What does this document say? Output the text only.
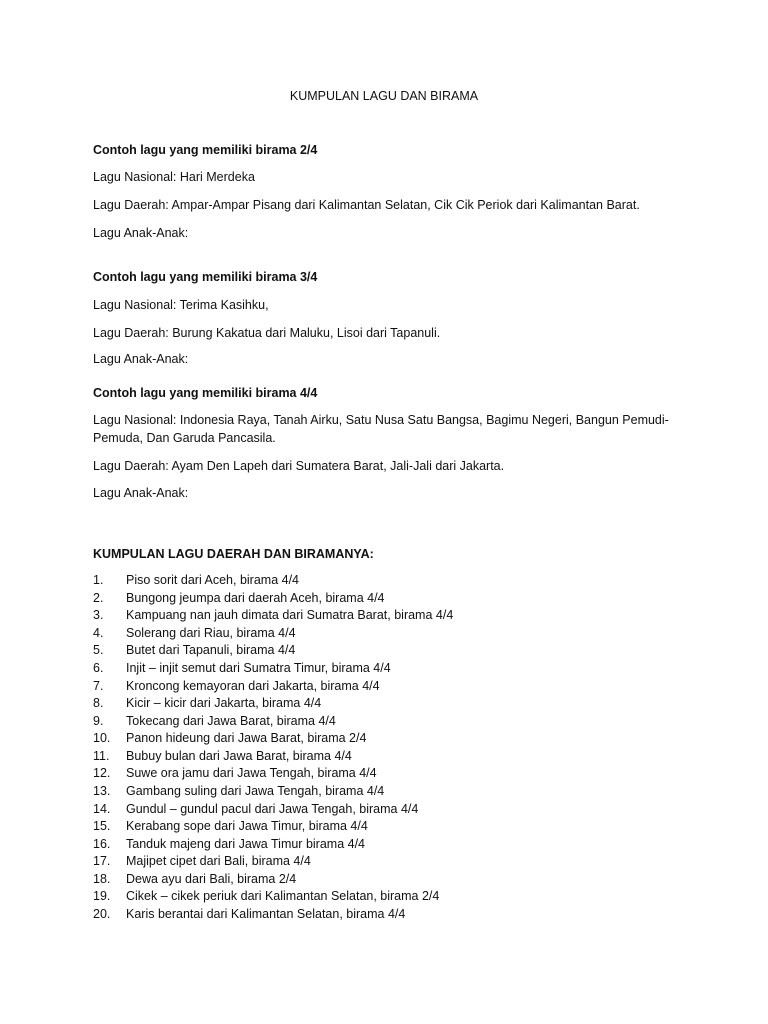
KUMPULAN LAGU DAN BIRAMA
Contoh lagu yang memiliki birama 2/4
Lagu Nasional: Hari Merdeka
Lagu Daerah: Ampar-Ampar Pisang dari Kalimantan Selatan, Cik Cik Periok dari Kalimantan Barat.
Lagu Anak-Anak:
Contoh lagu yang memiliki birama 3/4
Lagu Nasional: Terima Kasihku,
Lagu Daerah: Burung Kakatua dari Maluku, Lisoi dari Tapanuli.
Lagu Anak-Anak:
Contoh lagu yang memiliki birama 4/4
Lagu Nasional: Indonesia Raya, Tanah Airku, Satu Nusa Satu Bangsa, Bagimu Negeri, Bangun Pemudi-Pemuda, Dan Garuda Pancasila.
Lagu Daerah: Ayam Den Lapeh dari Sumatera Barat, Jali-Jali dari Jakarta.
Lagu Anak-Anak:
KUMPULAN LAGU DAERAH DAN BIRAMANYA:
1.	Piso sorit dari Aceh, birama 4/4
2.	Bungong jeumpa dari daerah Aceh, birama 4/4
3.	Kampuang nan jauh dimata dari Sumatra Barat, birama 4/4
4.	Solerang dari Riau, birama 4/4
5.	Butet dari Tapanuli, birama 4/4
6.	Injit – injit semut dari Sumatra Timur, birama 4/4
7.	Kroncong kemayoran dari Jakarta, birama 4/4
8.	Kicir – kicir dari Jakarta, birama 4/4
9.	Tokecang dari Jawa Barat, birama 4/4
10.	Panon hideung dari Jawa Barat, birama 2/4
11.	Bubuy bulan dari Jawa Barat, birama 4/4
12.	Suwe ora jamu dari Jawa Tengah, birama 4/4
13.	Gambang suling dari Jawa Tengah, birama 4/4
14.	Gundul – gundul pacul dari Jawa Tengah, birama 4/4
15.	Kerabang sope dari Jawa Timur, birama 4/4
16.	Tanduk majeng dari Jawa Timur birama 4/4
17.	Majipet cipet dari Bali, birama 4/4
18.	Dewa ayu dari Bali, birama 2/4
19.	Cikek – cikek periuk dari Kalimantan Selatan, birama 2/4
20.	Karis berantai dari Kalimantan Selatan, birama 4/4
